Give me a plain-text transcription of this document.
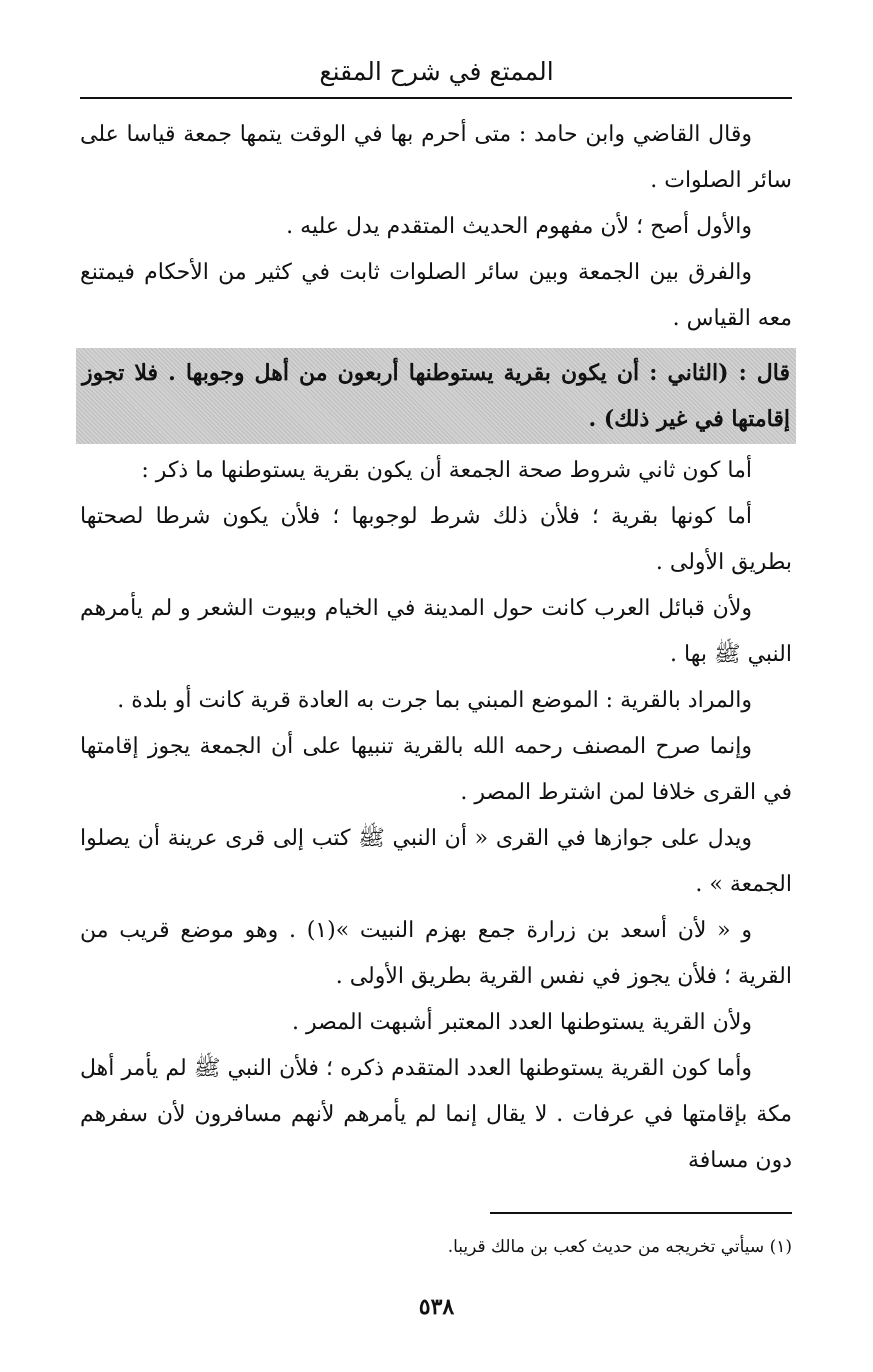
الممتع في شرح المقنع

وقال القاضي وابن حامد : متى أحرم بها في الوقت يتمها جمعة قياسا على سائر الصلوات .

والأول أصح ؛ لأن مفهوم الحديث المتقدم يدل عليه .

والفرق بين الجمعة وبين سائر الصلوات ثابت في كثير من الأحكام فيمتنع معه القياس .

قال : (الثاني : أن يكون بقرية يستوطنها أربعون من أهل وجوبها . فلا تجوز إقامتها في غير ذلك) .

أما كون ثاني شروط صحة الجمعة أن يكون بقرية يستوطنها ما ذكر :

أما كونها بقرية ؛ فلأن ذلك شرط لوجوبها ؛ فلأن يكون شرطا لصحتها بطريق الأولى .

ولأن قبائل العرب كانت حول المدينة في الخيام وبيوت الشعر و لم يأمرهم النبي ﷺ بها .

والمراد بالقرية : الموضع المبني بما جرت به العادة قرية كانت أو بلدة .

وإنما صرح المصنف رحمه الله بالقرية تنبيها على أن الجمعة يجوز إقامتها في القرى خلافا لمن اشترط المصر .

ويدل على جوازها في القرى « أن النبي ﷺ كتب إلى قرى عرينة أن يصلوا الجمعة » .

و « لأن أسعد بن زرارة جمع بهزم النبيت »(١) . وهو موضع قريب من القرية ؛ فلأن يجوز في نفس القرية بطريق الأولى .

ولأن القرية يستوطنها العدد المعتبر أشبهت المصر .

وأما كون القرية يستوطنها العدد المتقدم ذكره ؛ فلأن النبي ﷺ لم يأمر أهل مكة بإقامتها في عرفات . لا يقال إنما لم يأمرهم لأنهم مسافرون لأن سفرهم دون مسافة

(١) سيأتي تخريجه من حديث كعب بن مالك قريبا.
٥٣٨
